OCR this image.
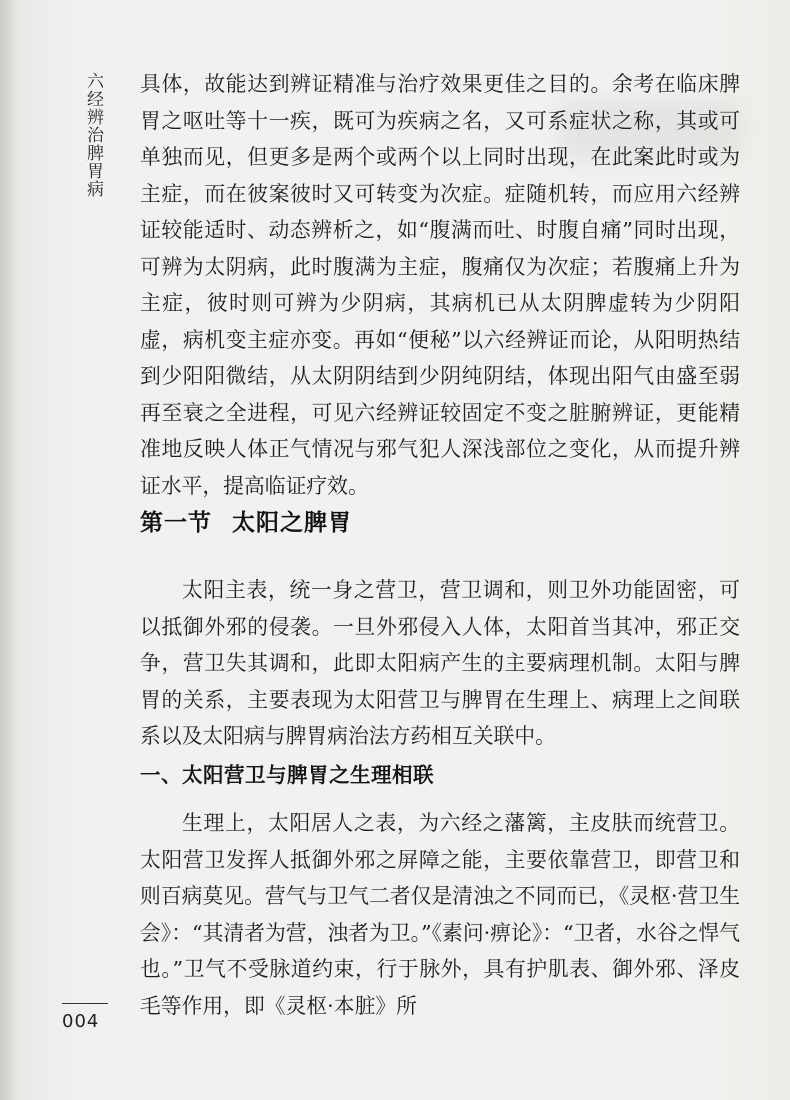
六经辨治脾胃病
004

具体，故能达到辨证精准与治疗效果更佳之目的。余考在临床脾胃之呕吐等十一疾，既可为疾病之名，又可系症状之称，其或可单独而见，但更多是两个或两个以上同时出现，在此案此时或为主症，而在彼案彼时又可转变为次症。症随机转，而应用六经辨证较能适时、动态辨析之，如“腹满而吐、时腹自痛”同时出现，可辨为太阴病，此时腹满为主症，腹痛仅为次症；若腹痛上升为主症，彼时则可辨为少阴病，其病机已从太阴脾虚转为少阴阳虚，病机变主症亦变。再如“便秘”以六经辨证而论，从阳明热结到少阳阳微结，从太阴阴结到少阴纯阴结，体现出阳气由盛至弱再至衰之全进程，可见六经辨证较固定不变之脏腑辨证，更能精准地反映人体正气情况与邪气犯人深浅部位之变化，从而提升辨证水平，提高临证疗效。

第一节 太阳之脾胃

太阳主表，统一身之营卫，营卫调和，则卫外功能固密，可以抵御外邪的侵袭。一旦外邪侵入人体，太阳首当其冲，邪正交争，营卫失其调和，此即太阳病产生的主要病理机制。太阳与脾胃的关系，主要表现为太阳营卫与脾胃在生理上、病理上之间联系以及太阳病与脾胃病治法方药相互关联中。

一、太阳营卫与脾胃之生理相联

生理上，太阳居人之表，为六经之藩篱，主皮肤而统营卫。太阳营卫发挥人抵御外邪之屏障之能，主要依靠营卫，即营卫和则百病莫见。营气与卫气二者仅是清浊之不同而已，《灵枢·营卫生会》：“其清者为营，浊者为卫。”《素问·痹论》：“卫者，水谷之悍气也。”卫气不受脉道约束，行于脉外，具有护肌表、御外邪、泽皮毛等作用，即《灵枢·本脏》所
